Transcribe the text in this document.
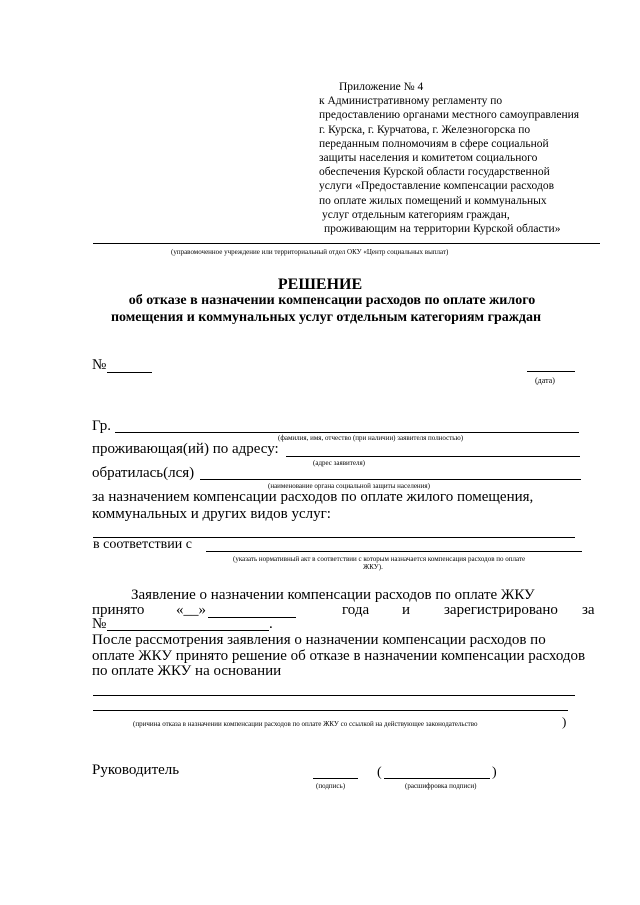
Приложение № 4
к Административному регламенту по
предоставлению органами местного самоуправления
г. Курска, г. Курчатова, г. Железногорска по
переданным полномочиям в сфере социальной
защиты населения и комитетом социального
обеспечения Курской области государственной
услуги «Предоставление компенсации расходов
по оплате жилых помещений и коммунальных
услуг отдельным категориям граждан,
проживающим на территории Курской области»
(управомоченное учреждение или территориальный отдел ОКУ «Центр социальных выплат)
РЕШЕНИЕ
об отказе в назначении компенсации расходов по оплате жилого
помещения и коммунальных услуг отдельным категориям граждан
№
(дата)
Гр.
(фамилия, имя, отчество (при наличии) заявителя полностью)
проживающая(ий) по адресу:
(адрес заявителя)
обратилась(лся)
(наименование органа социальной защиты населения)
за назначением компенсации расходов по оплате жилого помещения,
коммунальных и других видов услуг:
в соответствии с
(указать нормативный акт в соответствии с которым назначается компенсация расходов по оплате
ЖКУ).
Заявление о назначении компенсации расходов по оплате ЖКУ
принято «__»	года и зарегистрировано за
№	.
После рассмотрения заявления о назначении компенсации расходов по
оплате ЖКУ принято решение об отказе в назначении компенсации расходов
по оплате ЖКУ на основании
(причина отказа в назначении компенсации расходов по оплате ЖКУ со ссылкой на действующее законодательство	)
Руководитель
(подпись)
(	)
(расшифровка подписи)
